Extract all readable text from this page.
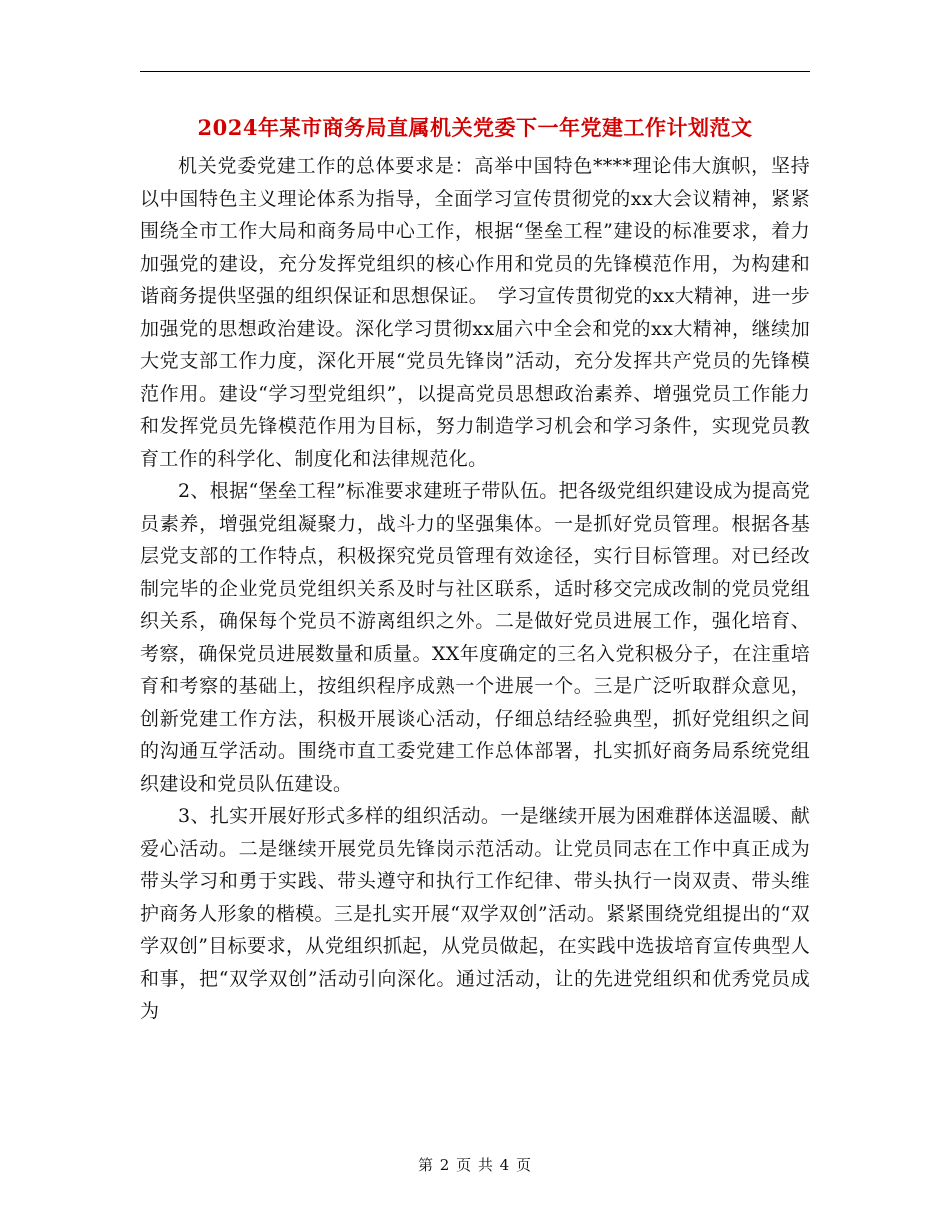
2024年某市商务局直属机关党委下一年党建工作计划范文

机关党委党建工作的总体要求是：高举中国特色****理论伟大旗帜，坚持以中国特色主义理论体系为指导，全面学习宣传贯彻党的xx大会议精神，紧紧围绕全市工作大局和商务局中心工作，根据“堡垒工程”建设的标准要求，着力加强党的建设，充分发挥党组织的核心作用和党员的先锋模范作用，为构建和谐商务提供坚强的组织保证和思想保证。　学习宣传贯彻党的xx大精神，进一步加强党的思想政治建设。深化学习贯彻xx届六中全会和党的xx大精神，继续加大党支部工作力度，深化开展“党员先锋岗”活动，充分发挥共产党员的先锋模范作用。建设“学习型党组织”，以提高党员思想政治素养、增强党员工作能力和发挥党员先锋模范作用为目标，努力制造学习机会和学习条件，实现党员教育工作的科学化、制度化和法律规范化。

2、根据“堡垒工程”标准要求建班子带队伍。把各级党组织建设成为提高党员素养，增强党组凝聚力，战斗力的坚强集体。一是抓好党员管理。根据各基层党支部的工作特点，积极探究党员管理有效途径，实行目标管理。对已经改制完毕的企业党员党组织关系及时与社区联系，适时移交完成改制的党员党组织关系，确保每个党员不游离组织之外。二是做好党员进展工作，强化培育、考察，确保党员进展数量和质量。XX年度确定的三名入党积极分子，在注重培育和考察的基础上，按组织程序成熟一个进展一个。三是广泛听取群众意见，创新党建工作方法，积极开展谈心活动，仔细总结经验典型，抓好党组织之间的沟通互学活动。围绕市直工委党建工作总体部署，扎实抓好商务局系统党组织建设和党员队伍建设。

3、扎实开展好形式多样的组织活动。一是继续开展为困难群体送温暖、献爱心活动。二是继续开展党员先锋岗示范活动。让党员同志在工作中真正成为带头学习和勇于实践、带头遵守和执行工作纪律、带头执行一岗双责、带头维护商务人形象的楷模。三是扎实开展“双学双创”活动。紧紧围绕党组提出的“双学双创”目标要求，从党组织抓起，从党员做起，在实践中选拔培育宣传典型人和事，把“双学双创”活动引向深化。通过活动，让的先进党组织和优秀党员成为

第 2 页 共 4 页
